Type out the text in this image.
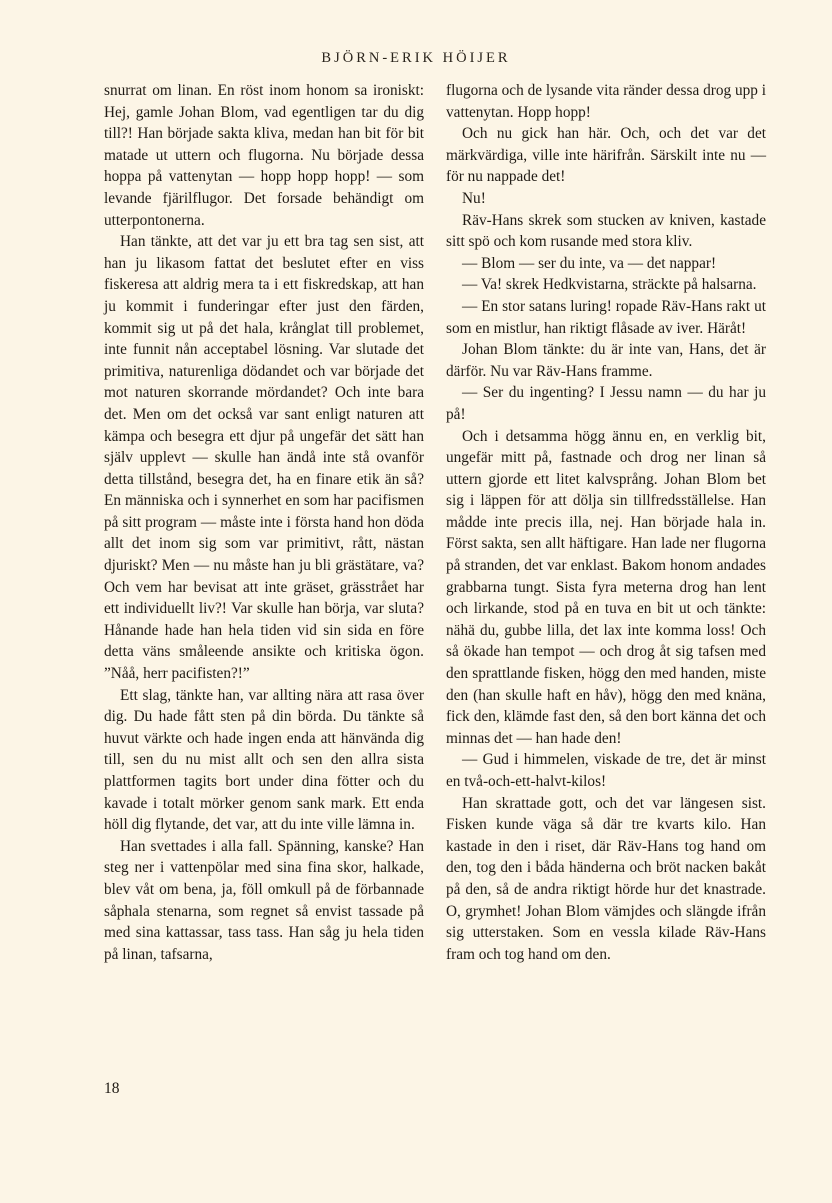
BJÖRN-ERIK HÖIJER

snurrat om linan. En röst inom honom sa ironiskt: Hej, gamle Johan Blom, vad egentligen tar du dig till?! Han började sakta kliva, medan han bit för bit matade ut uttern och flugorna. Nu började dessa hoppa på vattenytan — hopp hopp hopp! — som levande fjärilflugor. Det forsade behändigt om utterpontonerna.

Han tänkte, att det var ju ett bra tag sen sist, att han ju likasom fattat det beslutet efter en viss fiskeresa att aldrig mera ta i ett fiskredskap, att han ju kommit i funderingar efter just den färden, kommit sig ut på det hala, krånglat till problemet, inte funnit nån acceptabel lösning. Var slutade det primitiva, naturenliga dödandet och var började det mot naturen skorrande mördandet? Och inte bara det. Men om det också var sant enligt naturen att kämpa och besegra ett djur på ungefär det sätt han själv upplevt — skulle han ändå inte stå ovanför detta tillstånd, besegra det, ha en finare etik än så? En människa och i synnerhet en som har pacifismen på sitt program — måste inte i första hand hon döda allt det inom sig som var primitivt, rått, nästan djuriskt? Men — nu måste han ju bli grästätare, va? Och vem har bevisat att inte gräset, grässtrået har ett individuellt liv?! Var skulle han börja, var sluta? Hånande hade han hela tiden vid sin sida en före detta väns småleende ansikte och kritiska ögon. ”Nåå, herr pacifisten?!”

Ett slag, tänkte han, var allting nära att rasa över dig. Du hade fått sten på din börda. Du tänkte så huvut värkte och hade ingen enda att hänvända dig till, sen du nu mist allt och sen den allra sista plattformen tagits bort under dina fötter och du kavade i totalt mörker genom sank mark. Ett enda höll dig flytande, det var, att du inte ville lämna in.

Han svettades i alla fall. Spänning, kanske? Han steg ner i vattenpölar med sina fina skor, halkade, blev våt om bena, ja, föll omkull på de förbannade såphala stenarna, som regnet så envist tassade på med sina kattassar, tass tass. Han såg ju hela tiden på linan, tafsarna,

flugorna och de lysande vita ränder dessa drog upp i vattenytan. Hopp hopp!

Och nu gick han här. Och, och det var det märkvärdiga, ville inte härifrån. Särskilt inte nu — för nu nappade det!

Nu!

Räv-Hans skrek som stucken av kniven, kastade sitt spö och kom rusande med stora kliv.

— Blom — ser du inte, va — det nappar!

— Va! skrek Hedkvistarna, sträckte på halsarna.

— En stor satans luring! ropade Räv-Hans rakt ut som en mistlur, han riktigt flåsade av iver. Häråt!

Johan Blom tänkte: du är inte van, Hans, det är därför. Nu var Räv-Hans framme.

— Ser du ingenting? I Jessu namn — du har ju på!

Och i detsamma högg ännu en, en verklig bit, ungefär mitt på, fastnade och drog ner linan så uttern gjorde ett litet kalvsprång. Johan Blom bet sig i läppen för att dölja sin tillfredsställelse. Han mådde inte precis illa, nej. Han började hala in. Först sakta, sen allt häftigare. Han lade ner flugorna på stranden, det var enklast. Bakom honom andades grabbarna tungt. Sista fyra meterna drog han lent och lirkande, stod på en tuva en bit ut och tänkte: nähä du, gubbe lilla, det lax inte komma loss! Och så ökade han tempot — och drog åt sig tafsen med den sprattlande fisken, högg den med handen, miste den (han skulle haft en håv), högg den med knäna, fick den, klämde fast den, så den bort känna det och minnas det — han hade den!

— Gud i himmelen, viskade de tre, det är minst en två-och-ett-halvt-kilos!

Han skrattade gott, och det var längesen sist. Fisken kunde väga så där tre kvarts kilo. Han kastade in den i riset, där Räv-Hans tog hand om den, tog den i båda händerna och bröt nacken bakåt på den, så de andra riktigt hörde hur det knastrade. O, grymhet! Johan Blom vämjdes och slängde ifrån sig utterstaken. Som en vessla kilade Räv-Hans fram och tog hand om den.

18
